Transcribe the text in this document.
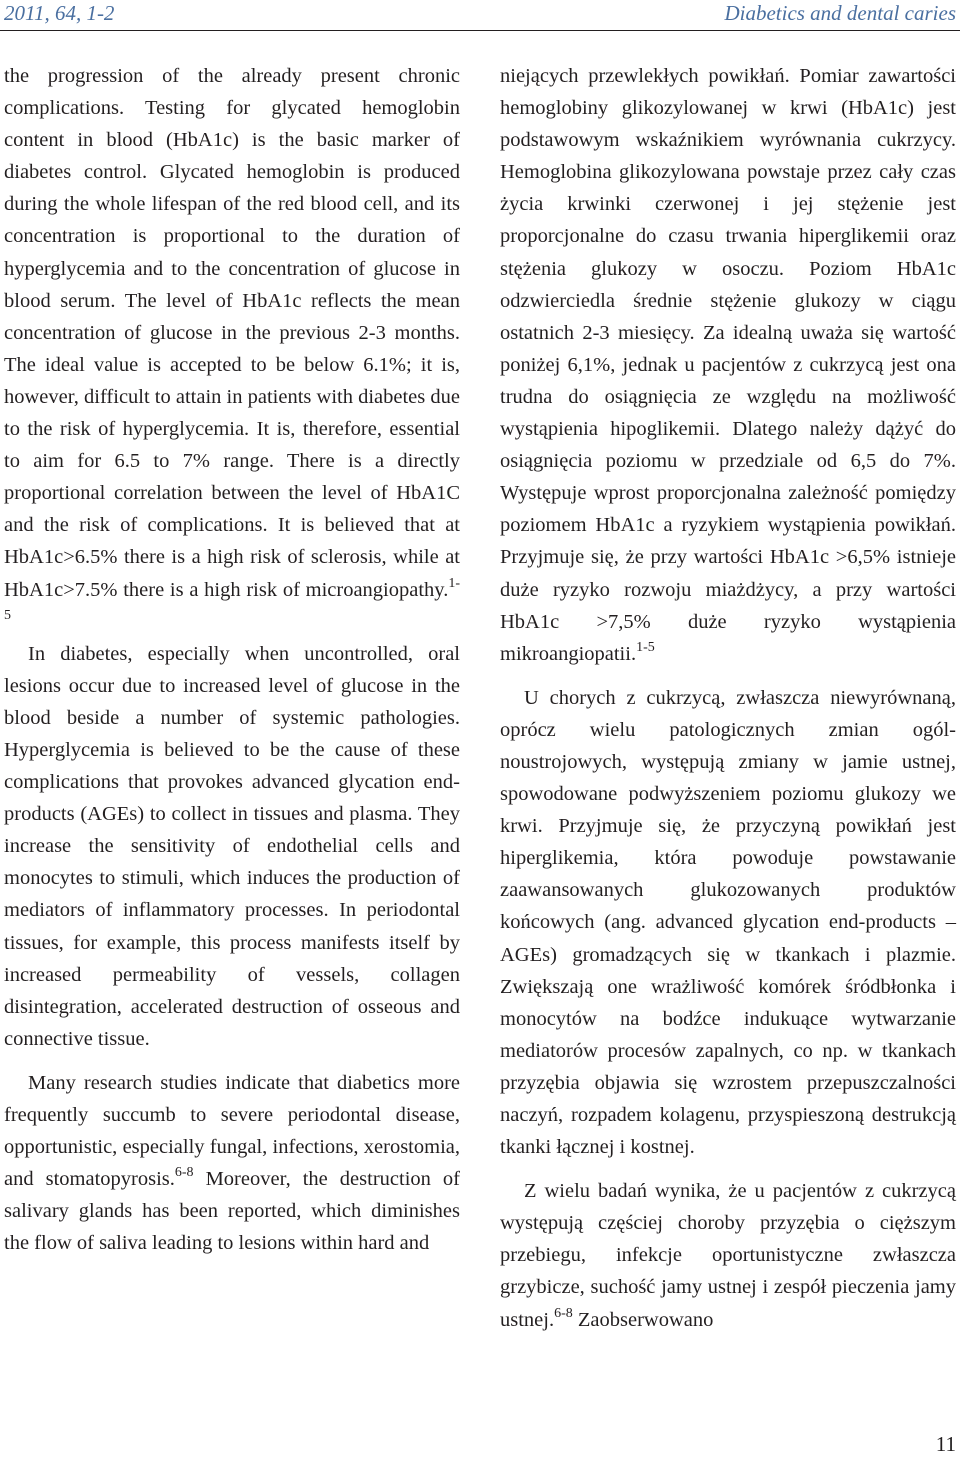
2011, 64, 1-2	Diabetics and dental caries

the progression of the already present chronic complications. Testing for glycated hemoglobin content in blood (HbA1c) is the basic marker of diabetes control. Glycated hemoglobin is produced during the whole lifespan of the red blood cell, and its concentration is proportional to the duration of hyperglycemia and to the concentration of glucose in blood serum. The level of HbA1c reflects the mean concentration of glucose in the previous 2-3 months. The ideal value is accepted to be below 6.1%; it is, however, difficult to attain in patients with diabetes due to the risk of hyperglycemia. It is, therefore, essential to aim for 6.5 to 7% range. There is a directly proportional correlation between the level of HbA1C and the risk of complications. It is believed that at HbA1c>6.5% there is a high risk of sclerosis, while at HbA1c>7.5% there is a high risk of microangiopathy.$^{1-5}$

In diabetes, especially when uncontrolled, oral lesions occur due to increased level of glucose in the blood beside a number of systemic pathologies. Hyperglycemia is believed to be the cause of these complications that provokes advanced glycation end-products (AGEs) to collect in tissues and plasma. They increase the sensitivity of endothelial cells and monocytes to stimuli, which induces the production of mediators of inflammatory processes. In periodontal tissues, for example, this process manifests itself by increased permeability of vessels, collagen disintegration, accelerated destruction of osseous and connective tissue.

Many research studies indicate that diabetics more frequently succumb to severe periodontal disease, opportunistic, especially fungal, infections, xerostomia, and stomatopyrosis.$^{6-8}$ Moreover, the destruction of salivary glands has been reported, which diminishes the flow of saliva leading to lesions within hard and

niejących przewlekłych powikłań. Pomiar zawartości hemoglobiny glikozylowanej w krwi (HbA1c) jest podstawowym wskaźnikiem wyrównania cukrzycy. Hemoglobina glikozylowana powstaje przez cały czas życia krwinki czerwonej i jej stężenie jest proporcjonalne do czasu trwania hiperglikemii oraz stężenia glukozy w osoczu. Poziom HbA1c odzwierciedla średnie stężenie glukozy w ciągu ostatnich 2-3 miesięcy. Za idealną uważa się wartość poniżej 6,1%, jednak u pacjentów z cukrzycą jest ona trudna do osiągnięcia ze względu na możliwość wystąpienia hipoglikemii. Dlatego należy dążyć do osiągnięcia poziomu w przedziale od 6,5 do 7%. Występuje wprost proporcjonalna zależność pomiędzy poziomem HbA1c a ryzykiem wystąpienia powikłań. Przyjmuje się, że przy wartości HbA1c >6,5% istnieje duże ryzyko rozwoju miażdżycy, a przy wartości HbA1c >7,5% duże ryzyko wystąpienia mikroangiopatii.$^{1-5}$

U chorych z cukrzycą, zwłaszcza niewyrównaną, oprócz wielu patologicznych zmian ogólnoustrojowych, występują zmiany w jamie ustnej, spowodowane podwyższeniem poziomu glukozy we krwi. Przyjmuje się, że przyczyną powikłań jest hiperglikemia, która powoduje powstawanie zaawansowanych glukozowanych produktów końcowych (ang. advanced glycation end-products – AGEs) gromadzących się w tkankach i plazmie. Zwiększają one wrażliwość komórek śródbłonka i monocytów na bodźce indukuące wytwarzanie mediatorów procesów zapalnych, co np. w tkankach przyzębia objawia się wzrostem przepuszczalności naczyń, rozpadem kolagenu, przyspieszoną destrukcją tkanki łącznej i kostnej.

Z wielu badań wynika, że u pacjentów z cukrzycą występują częściej choroby przyzębia o cięższym przebiegu, infekcje oportunistyczne zwłaszcza grzybicze, suchość jamy ustnej i zespół pieczenia jamy ustnej.$^{6-8}$ Zaobserwowano

11
